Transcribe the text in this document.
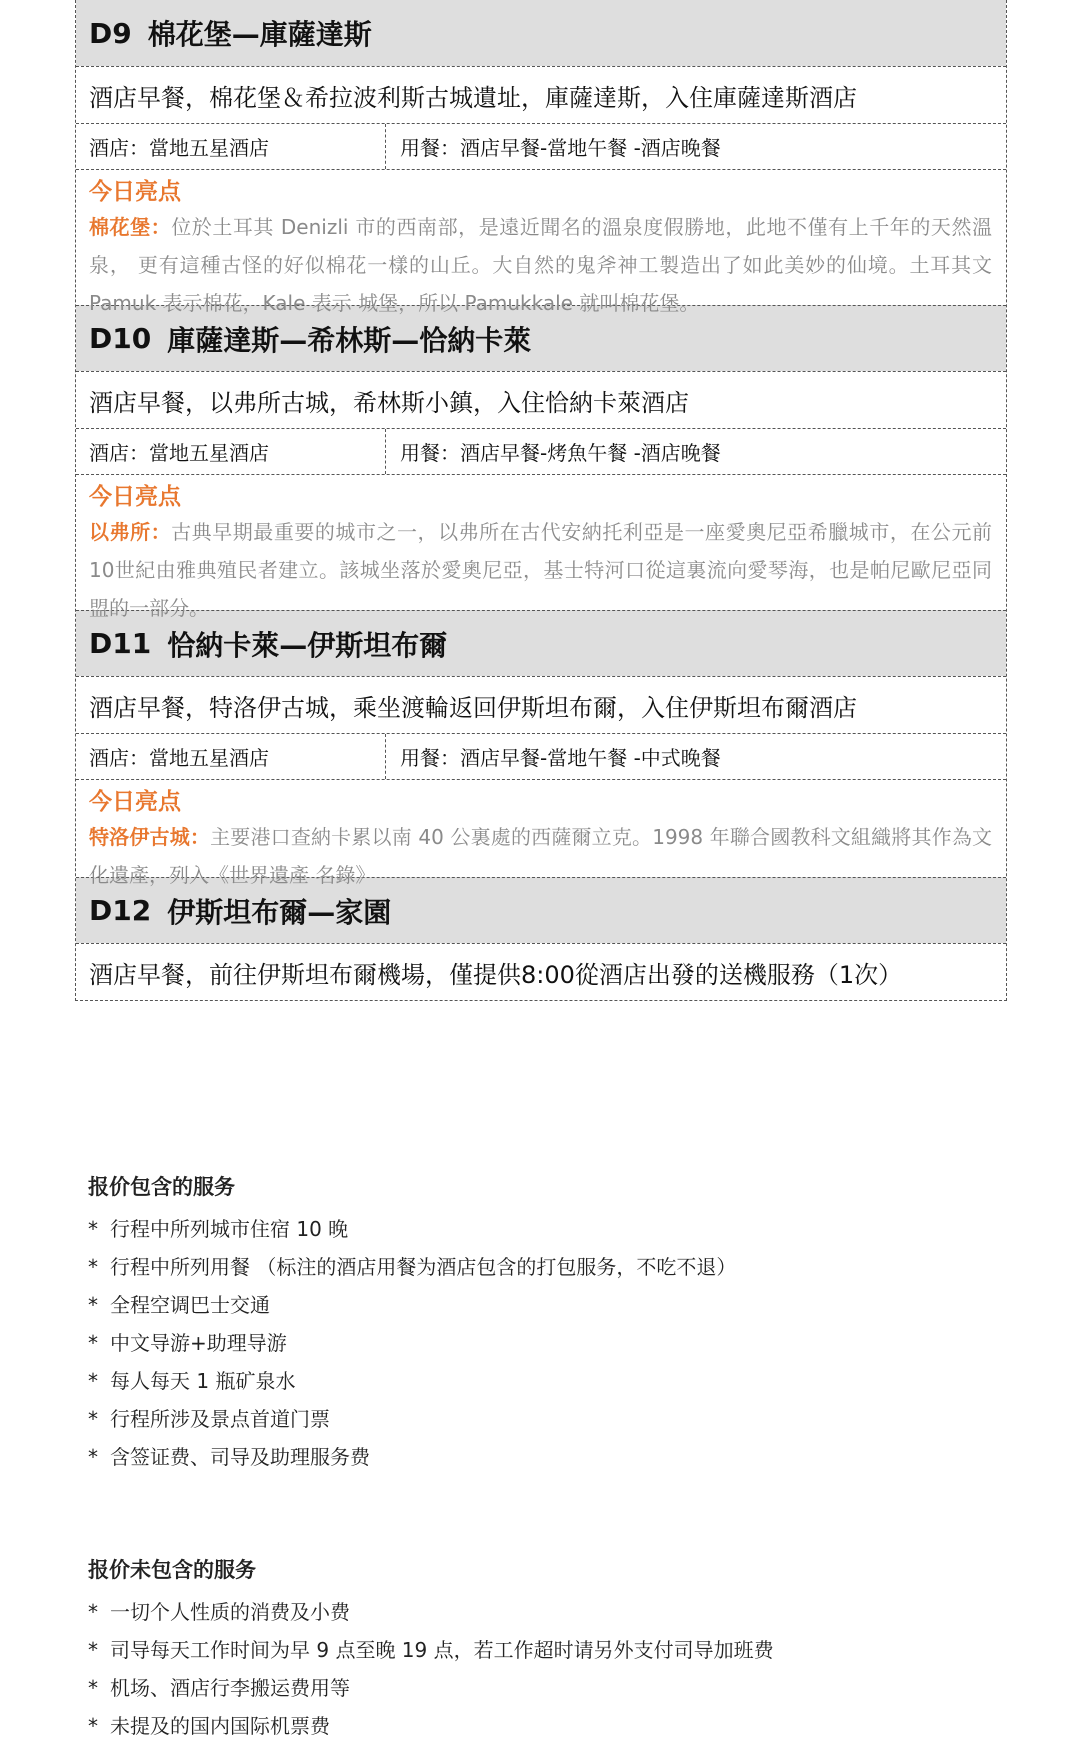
D9 棉花堡—庫薩達斯
酒店早餐，棉花堡＆希拉波利斯古城遺址，庫薩達斯，入住庫薩達斯酒店
酒店：當地五星酒店	用餐：酒店早餐-當地午餐 -酒店晚餐
今日亮点
棉花堡：位於土耳其 Denizli 市的西南部，是遠近聞名的溫泉度假勝地，此地不僅有上千年的天然溫泉， 更有這種古怪的好似棉花一樣的山丘。大自然的鬼斧神工製造出了如此美妙的仙境。土耳其文 Pamuk 表示棉花，Kale 表示 城堡，所以 Pamukkale 就叫棉花堡。
D10 庫薩達斯—希林斯—恰納卡萊
酒店早餐，以弗所古城，希林斯小鎮，入住恰納卡萊酒店
酒店：當地五星酒店	用餐：酒店早餐-烤魚午餐 -酒店晚餐
今日亮点
以弗所：古典早期最重要的城市之一，以弗所在古代安納托利亞是一座愛奧尼亞希臘城市，在公元前10世紀由雅典殖民者建立。該城坐落於愛奧尼亞，基士特河口從這裏流向愛琴海，也是帕尼歐尼亞同盟的一部分。
D11 恰納卡萊—伊斯坦布爾
酒店早餐，特洛伊古城，乘坐渡輪返回伊斯坦布爾，入住伊斯坦布爾酒店
酒店：當地五星酒店	用餐：酒店早餐-當地午餐 -中式晚餐
今日亮点
特洛伊古城：主要港口查納卡累以南 40 公裏處的西薩爾立克。1998 年聯合國教科文組織將其作為文化遺產，列入《世界遺產 名錄》
D12 伊斯坦布爾—家園
酒店早餐，前往伊斯坦布爾機場，僅提供8:00從酒店出發的送機服務（1次）
报价包含的服务
* 行程中所列城市住宿 10 晚
* 行程中所列用餐 （标注的酒店用餐为酒店包含的打包服务，不吃不退）
* 全程空调巴士交通
* 中文导游+助理导游
* 每人每天 1 瓶矿泉水
* 行程所涉及景点首道门票
* 含签证费、司导及助理服务费
报价未包含的服务
* 一切个人性质的消费及小费
* 司导每天工作时间为早 9 点至晚 19 点，若工作超时请另外支付司导加班费
* 机场、酒店行李搬运费用等
* 未提及的国内国际机票费
